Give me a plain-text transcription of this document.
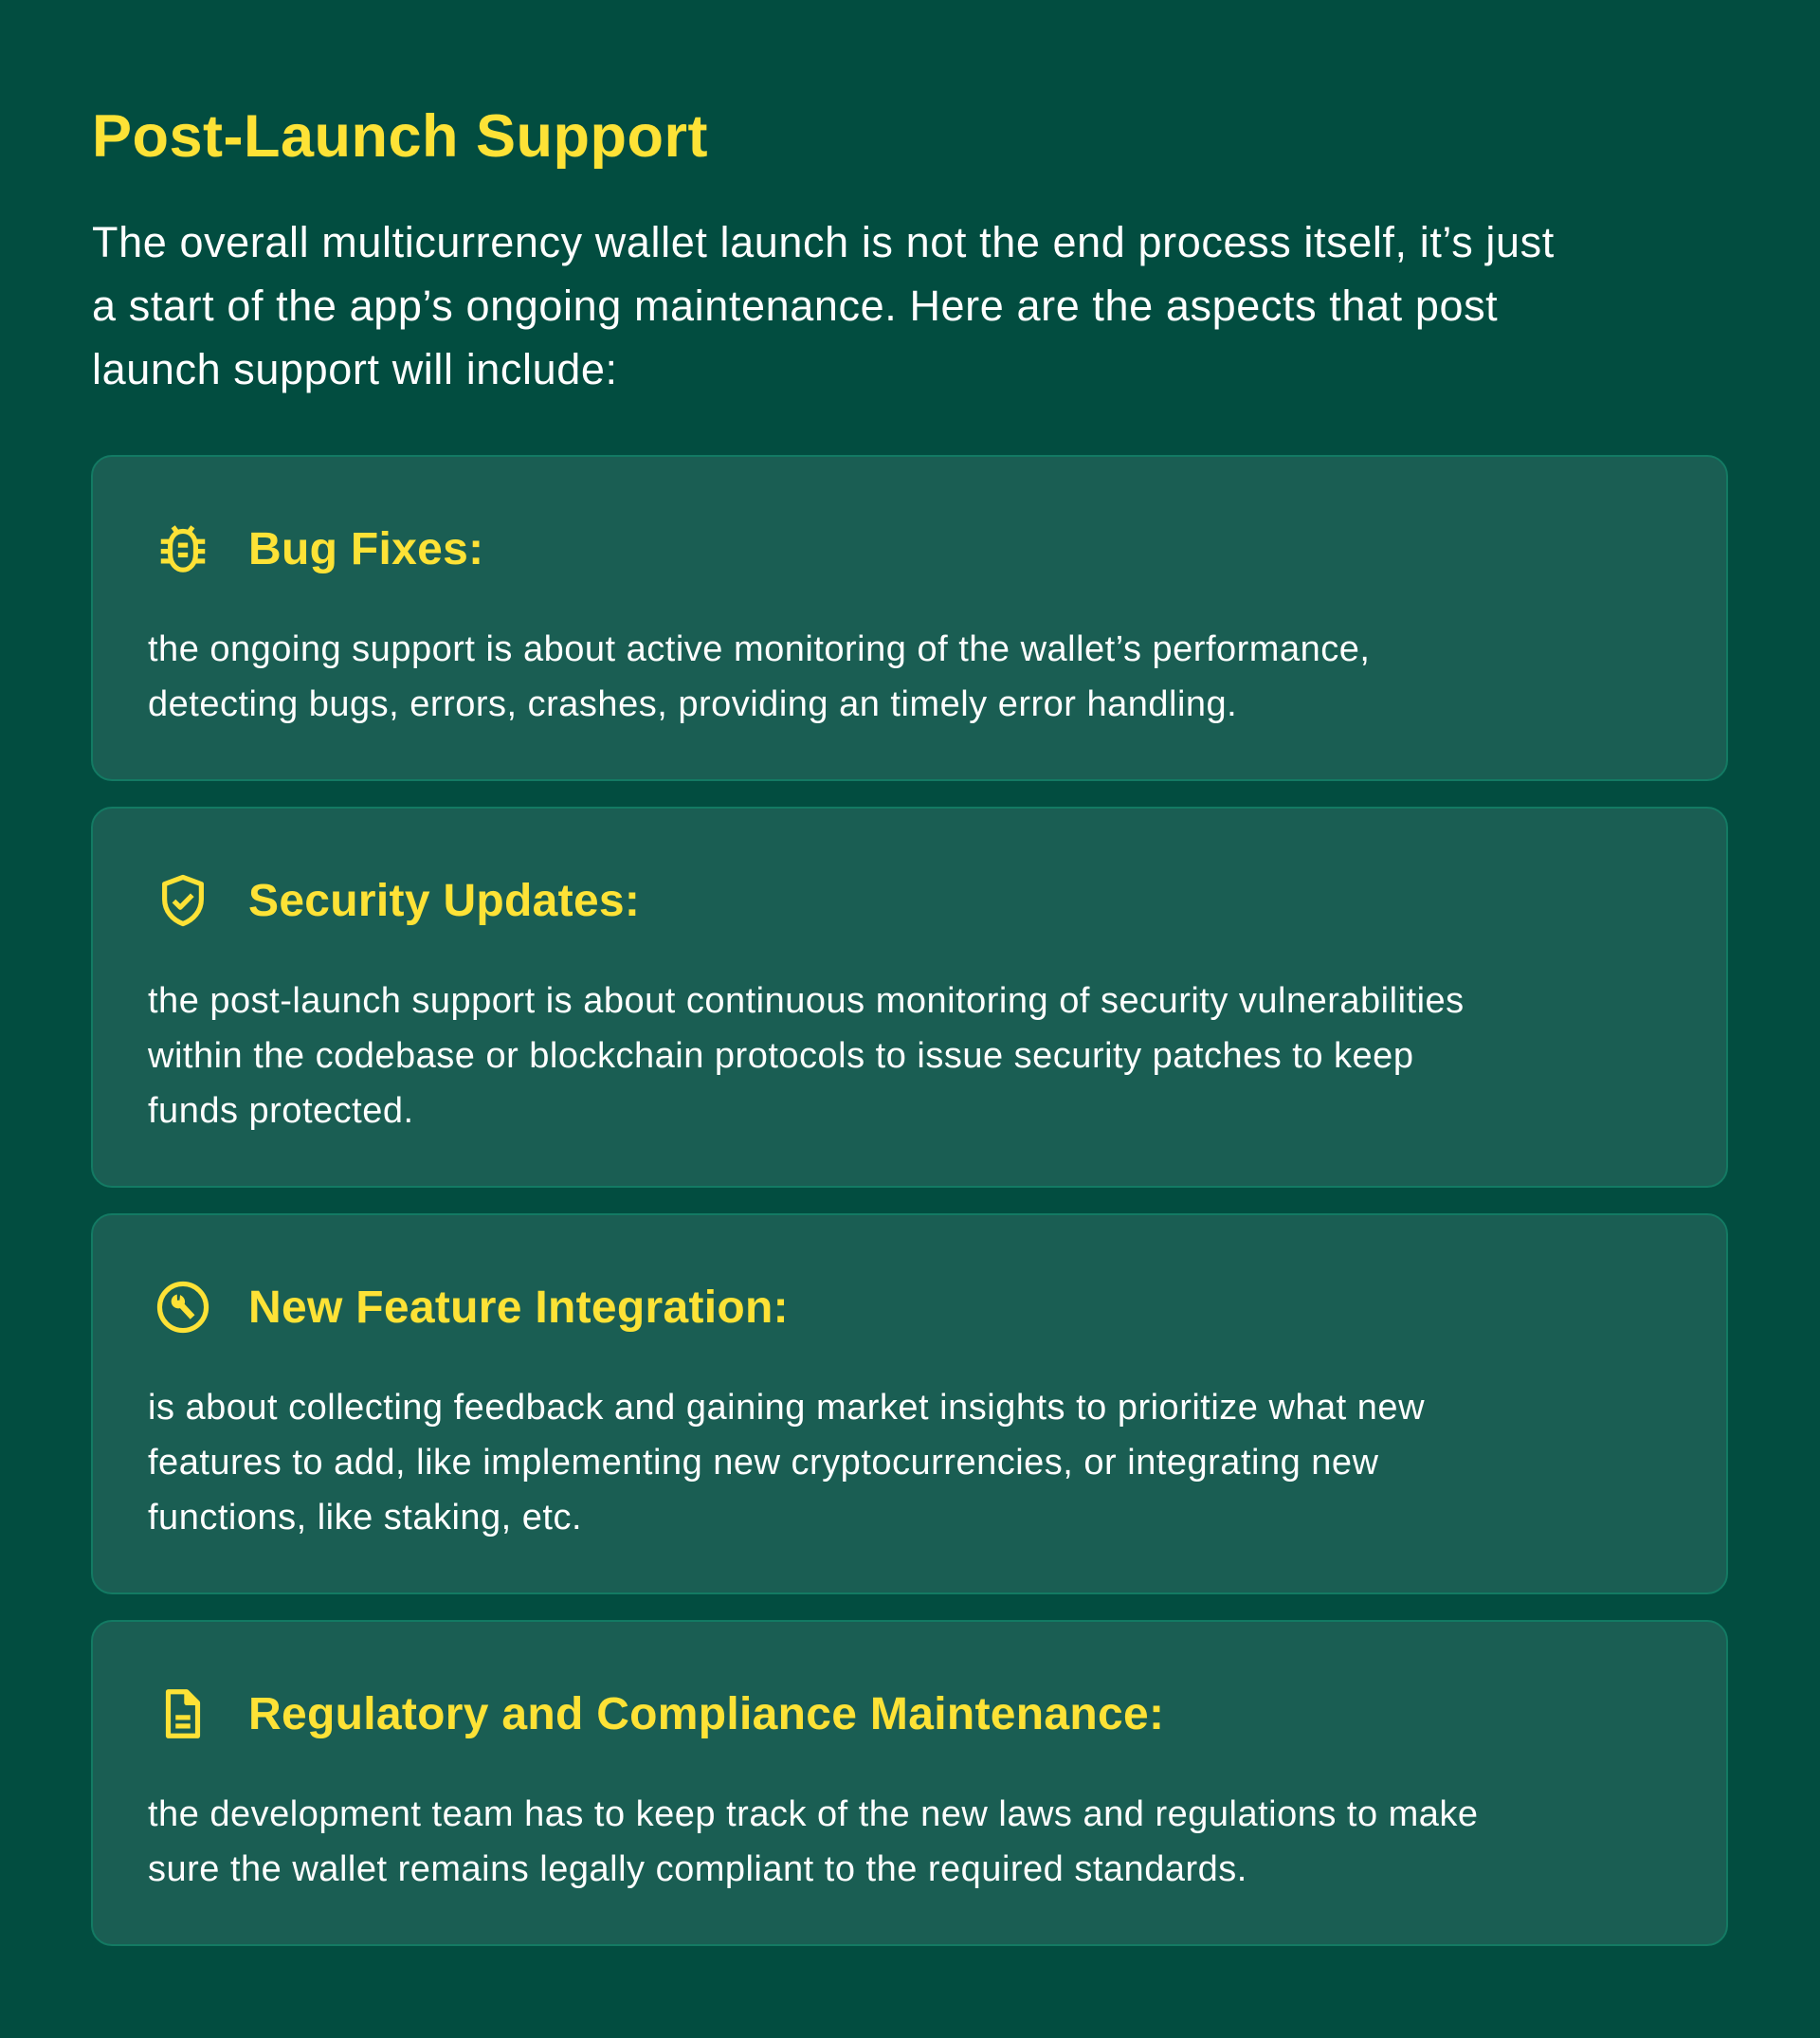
Post-Launch Support

The overall multicurrency wallet launch is not the end process itself, it’s just
a start of the app’s ongoing maintenance. Here are the aspects that post
launch support will include:

Bug Fixes:
the ongoing support is about active monitoring of the wallet’s performance,
detecting bugs, errors, crashes, providing an timely error handling.
Security Updates:
the post-launch support is about continuous monitoring of security vulnerabilities
within the codebase or blockchain protocols to issue security patches to keep
funds protected.
New Feature Integration:
is about collecting feedback and gaining market insights to prioritize what new
features to add, like implementing new cryptocurrencies, or integrating new
functions, like staking, etc.
Regulatory and Compliance Maintenance:
the development team has to keep track of the new laws and regulations to make
sure the wallet remains legally compliant to the required standards.
